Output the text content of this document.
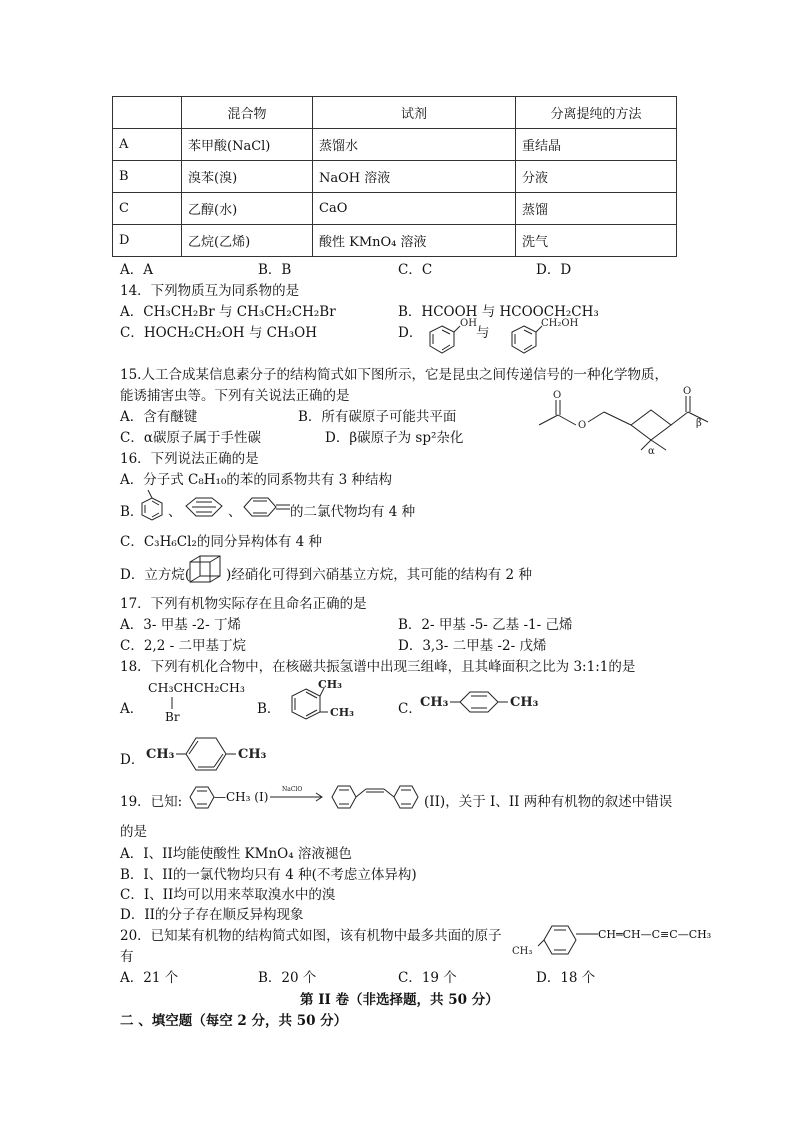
	混合物	试剂	分离提纯的方法
A	苯甲酸(NaCl)	蒸馏水	重结晶
B	溴苯(溴)	NaOH 溶液	分液
C	乙醇(水)	CaO	蒸馏
D	乙烷(乙烯)	酸性 KMnO₄ 溶液	洗气
A．A	B．B	C．C	D．D
14．下列物质互为同系物的是
A．CH₃CH₂Br 与 CH₃CH₂CH₂Br	B．HCOOH 与 HCOOCH₂CH₃
C．HOCH₂CH₂OH 与 CH₃OH	D．
OH
与
CH₂OH
15.人工合成某信息素分子的结构简式如下图所示，它是昆虫之间传递信号的一种化学物质，
能诱捕害虫等。下列有关说法正确的是
A．含有醚键	B．所有碳原子可能共平面
C．α碳原子属于手性碳	D．β碳原子为 sp²杂化
O
O
α
O
β
16．下列说法正确的是
A．分子式 C₈H₁₀的苯的同系物共有 3 种结构
B． 、	、	的二氯代物均有 4 种
C．C₃H₆Cl₂的同分异构体有 4 种
D．立方烷(	)经硝化可得到六硝基立方烷，其可能的结构有 2 种
17．下列有机物实际存在且命名正确的是
A．3- 甲基 -2- 丁烯	B．2- 甲基 -5- 乙基 -1- 己烯
C．2,2 - 二甲基丁烷	D．3,3- 二甲基 -2- 戊烯
18．下列有机化合物中，在核磁共振氢谱中出现三组峰，且其峰面积之比为 3:1:1的是
A．
CH₃CHCH₂CH₃
Br	B．
CH₃
CH₃	C．
CH₃	CH₃
D． CH₃	CH₃
19．已知:	—CH₃ (I)
NaClO
(II)，关于 I、II 两种有机物的叙述中错误
的是
A．I、II均能使酸性 KMnO₄ 溶液褪色
B．I、II的一氯代物均只有 4 种(不考虑立体异构)
C．I、II均可以用来萃取溴水中的溴
D．II的分子存在顺反异构现象
20．已知某有机物的结构简式如图，该有机物中最多共面的原子
有	CH₃
CH═CH—C≡C—CH₃
A．21 个	B．20 个	C．19 个	D．18 个
第 II 卷（非选择题，共 50 分）
二 、填空题（每空 2 分，共 50 分）
